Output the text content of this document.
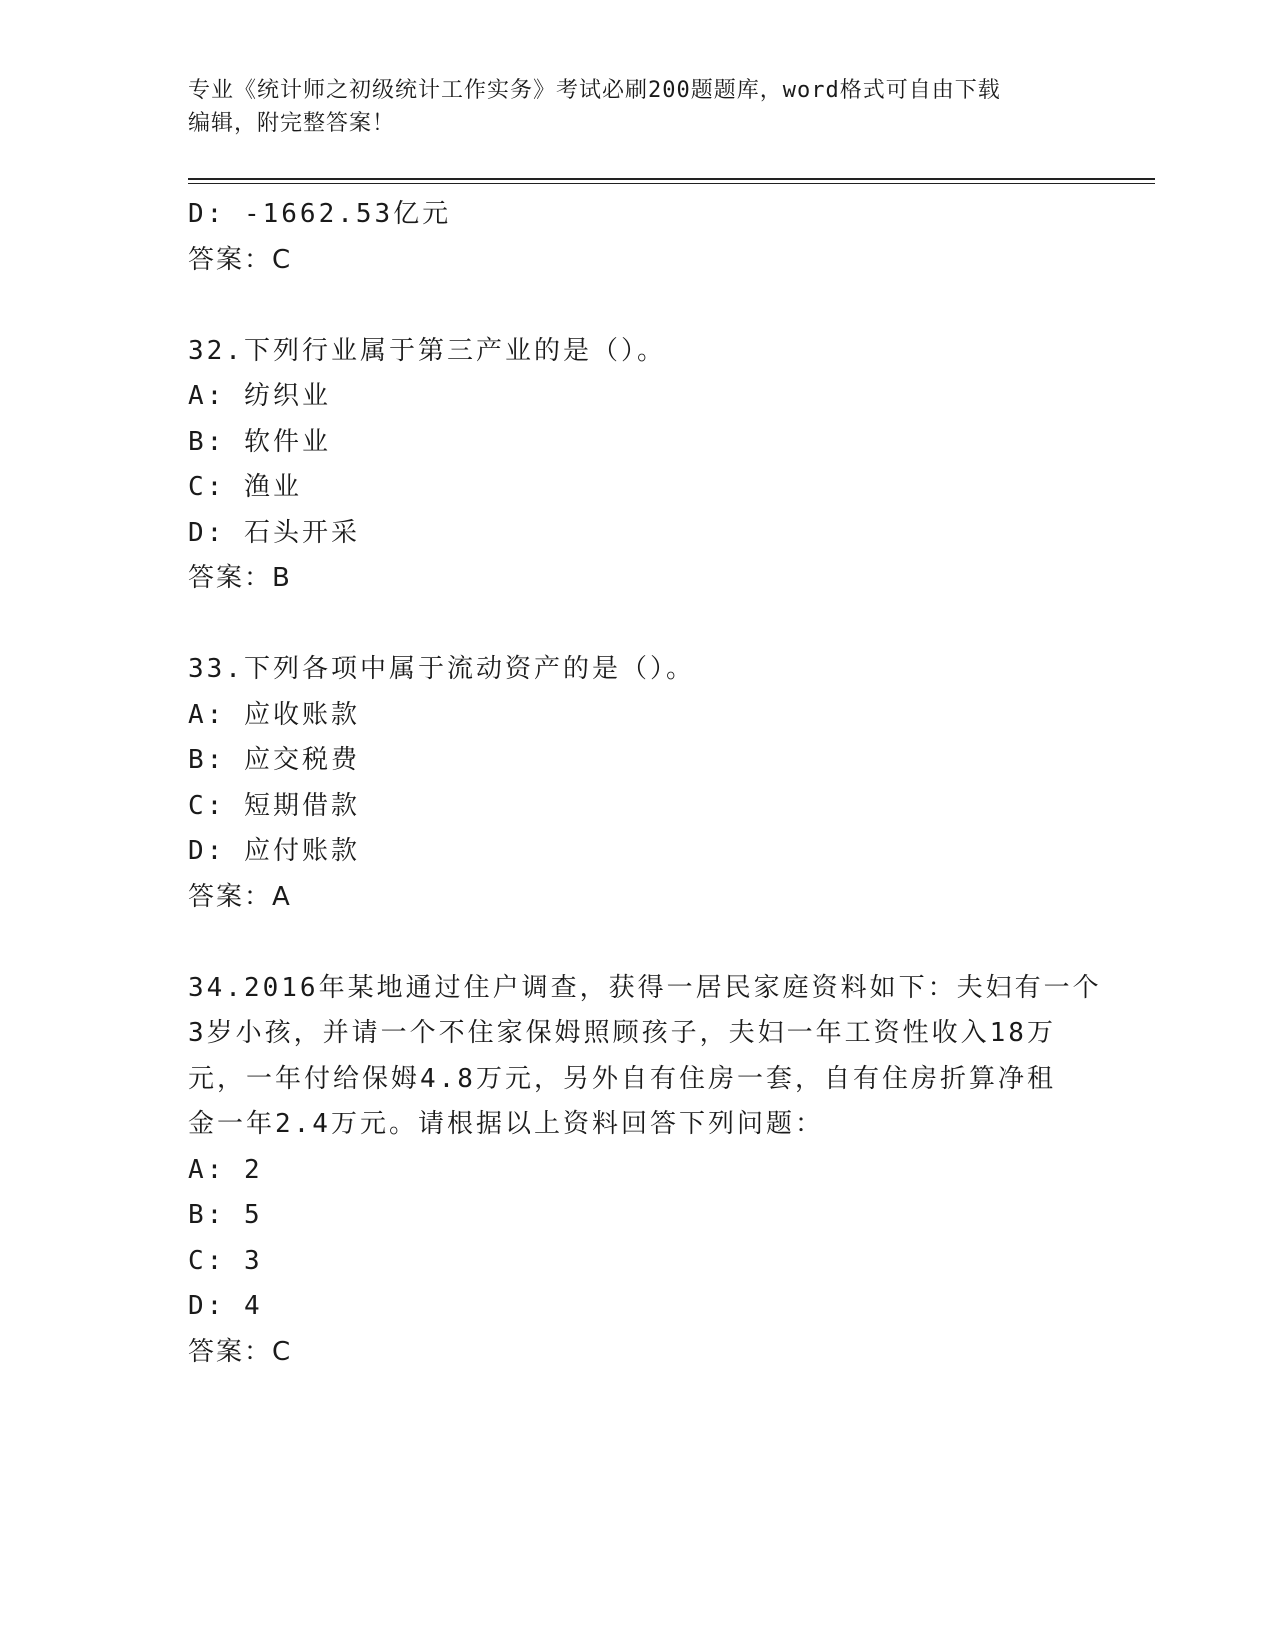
专业《统计师之初级统计工作实务》考试必刷200题题库，word格式可自由下载

编辑，附完整答案！

D: -1662.53亿元
答案：C
32.下列行业属于第三产业的是（）。
A: 纺织业
B: 软件业
C: 渔业
D: 石头开采
答案：B
33.下列各项中属于流动资产的是（）。
A: 应收账款
B: 应交税费
C: 短期借款
D: 应付账款
答案：A
34.2016年某地通过住户调查，获得一居民家庭资料如下：夫妇有一个
3岁小孩，并请一个不住家保姆照顾孩子，夫妇一年工资性收入18万
元，一年付给保姆4.8万元，另外自有住房一套，自有住房折算净租
金一年2.4万元。请根据以上资料回答下列问题：
A: 2
B: 5
C: 3
D: 4
答案：C
